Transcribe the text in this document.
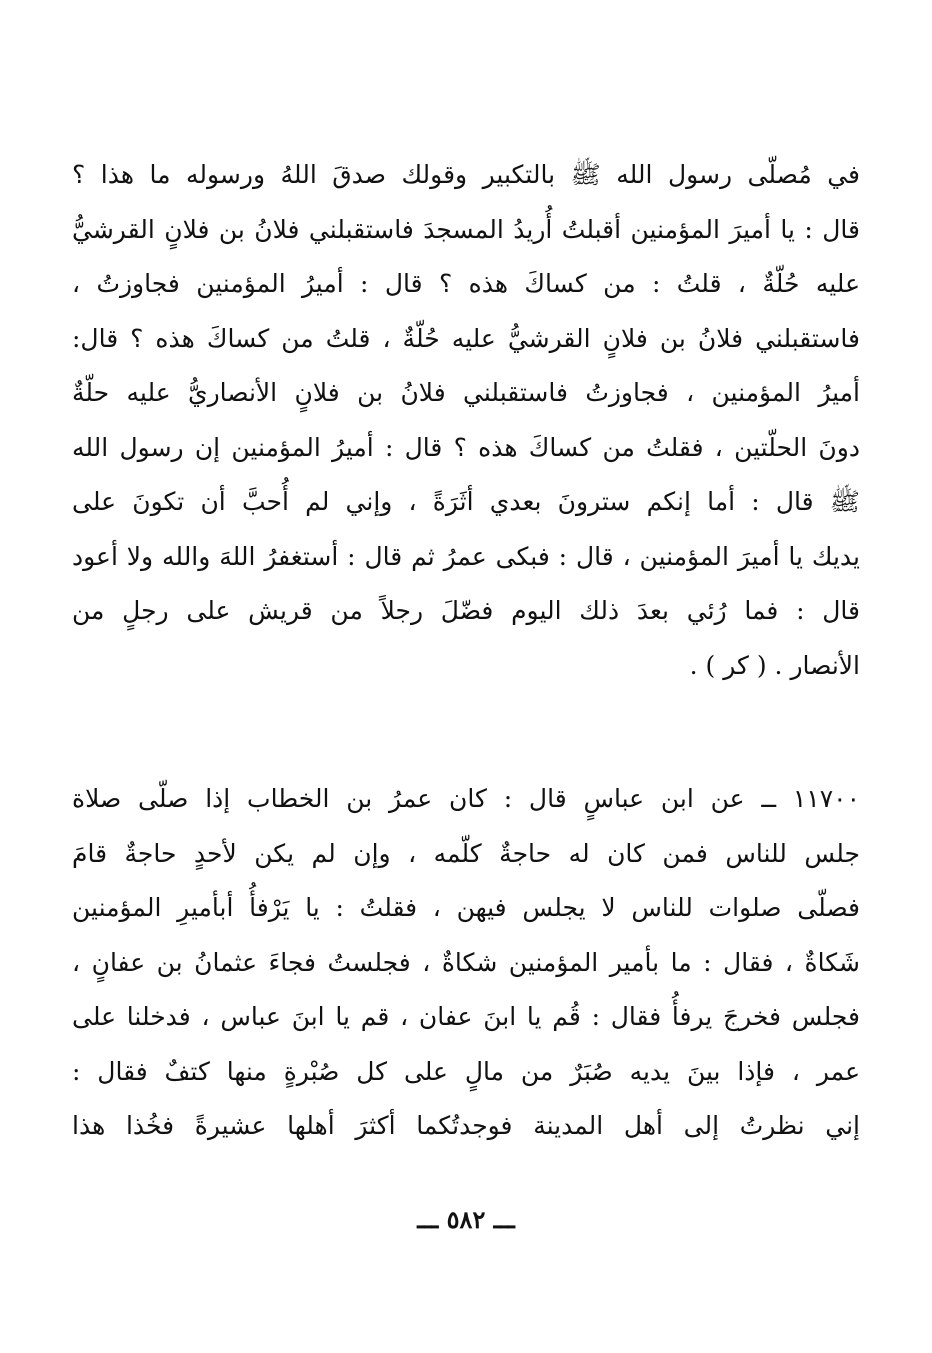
في مُصلّى رسول الله ﷺ بالتكبير وقولك صدقَ اللهُ ورسوله ما هذا ؟
قال : يا أميرَ المؤمنين أقبلتُ أُريدُ المسجدَ فاستقبلني فلانُ بن فلانٍ القرشيُّ
عليه حُلّةٌ ، قلتُ : من كساكَ هذه ؟ قال : أميرُ المؤمنين فجاوزتُ ،
فاستقبلني فلانُ بن فلانٍ القرشيُّ عليه حُلّةٌ ، قلتُ من كساكَ هذه ؟ قال:
أميرُ المؤمنين ، فجاوزتُ فاستقبلني فلانُ بن فلانٍ الأنصاريُّ عليه حلّةٌ
دونَ الحلّتين ، فقلتُ من كساكَ هذه ؟ قال : أميرُ المؤمنين إن رسول الله
ﷺ قال : أما إنكم سترونَ بعدي أثَرَةً ، وإني لم أُحبَّ أن تكونَ على
يديك يا أميرَ المؤمنين ، قال : فبكى عمرُ ثم قال : أستغفرُ اللهَ والله ولا أعود
قال : فما رُئي بعدَ ذلك اليوم فضّلَ رجلاً من قريش على رجلٍ من
الأنصار . ( كر ) .
١١٧٠٠ ــ عن ابن عباسٍ قال : كان عمرُ بن الخطاب إذا صلّى صلاة
جلس للناس فمن كان له حاجةٌ كلّمه ، وإن لم يكن لأحدٍ حاجةٌ قامَ
فصلّى صلوات للناس لا يجلس فيهن ، فقلتُ : يا يَرْفأُ أبأميرِ المؤمنين
شَكاةٌ ، فقال : ما بأمير المؤمنين شكاةٌ ، فجلستُ فجاءَ عثمانُ بن عفانٍ ،
فجلس فخرجَ يرفأُ فقال : قُم يا ابنَ عفان ، قم يا ابنَ عباس ، فدخلنا على
عمر ، فإذا بينَ يديه صُبَرٌ من مالٍ على كل صُبْرةٍ منها كتفٌ فقال :
إني نظرتُ إلى أهل المدينة فوجدتُكما أكثرَ أهلها عشيرةً فخُذا هذا
ـــ ٥٨٢ ـــ
